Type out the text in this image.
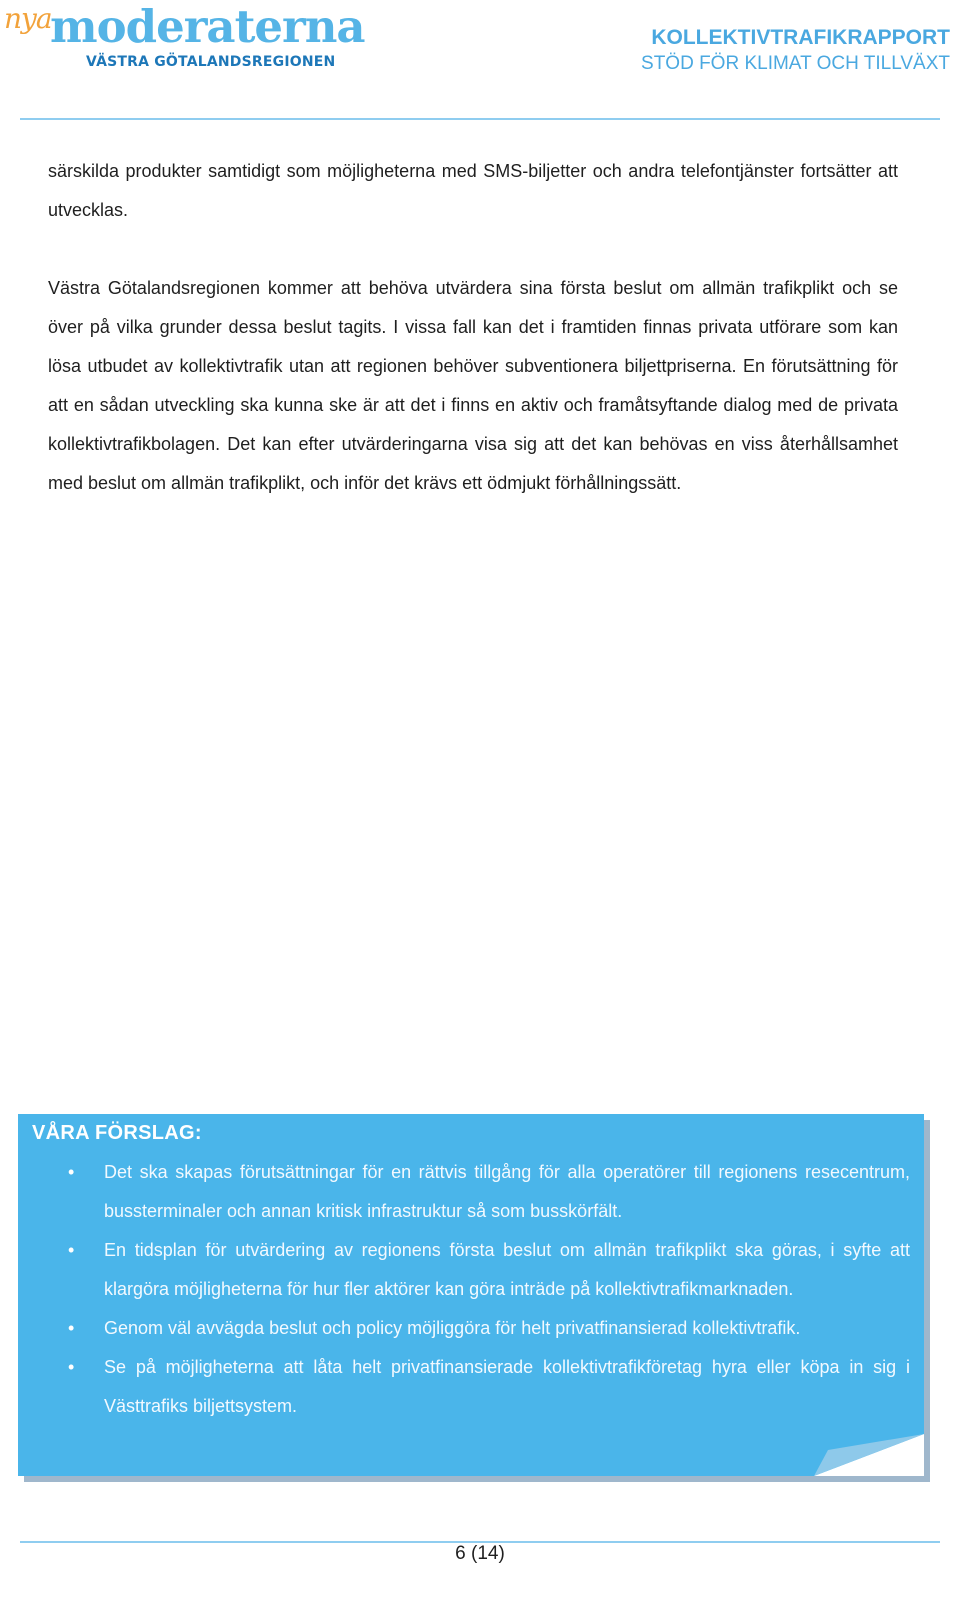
nya
moderaterna
VÄSTRA GÖTALANDSREGIONEN
KOLLEKTIVTRAFIKRAPPORT
STÖD FÖR KLIMAT OCH TILLVÄXT

särskilda produkter samtidigt som möjligheterna med SMS-biljetter och andra telefontjänster fortsätter att utvecklas.

Västra Götalandsregionen kommer att behöva utvärdera sina första beslut om allmän trafikplikt och se över på vilka grunder dessa beslut tagits. I vissa fall kan det i framtiden finnas privata utförare som kan lösa utbudet av kollektivtrafik utan att regionen behöver subventionera biljettpriserna. En förutsättning för att en sådan utveckling ska kunna ske är att det i finns en aktiv och framåtsyftande dialog med de privata kollektivtrafikbolagen. Det kan efter utvärderingarna visa sig att det kan behövas en viss återhållsamhet med beslut om allmän trafikplikt, och inför det krävs ett ödmjukt förhållningssätt.

VÅRA FÖRSLAG:
• Det ska skapas förutsättningar för en rättvis tillgång för alla operatörer till regionens resecentrum, bussterminaler och annan kritisk infrastruktur så som busskörfält.
• En tidsplan för utvärdering av regionens första beslut om allmän trafikplikt ska göras, i syfte att klargöra möjligheterna för hur fler aktörer kan göra inträde på kollektivtrafikmarknaden.
• Genom väl avvägda beslut och policy möjliggöra för helt privatfinansierad kollektivtrafik.
• Se på möjligheterna att låta helt privatfinansierade kollektivtrafikföretag hyra eller köpa in sig i Västtrafiks biljettsystem.
6 (14)
